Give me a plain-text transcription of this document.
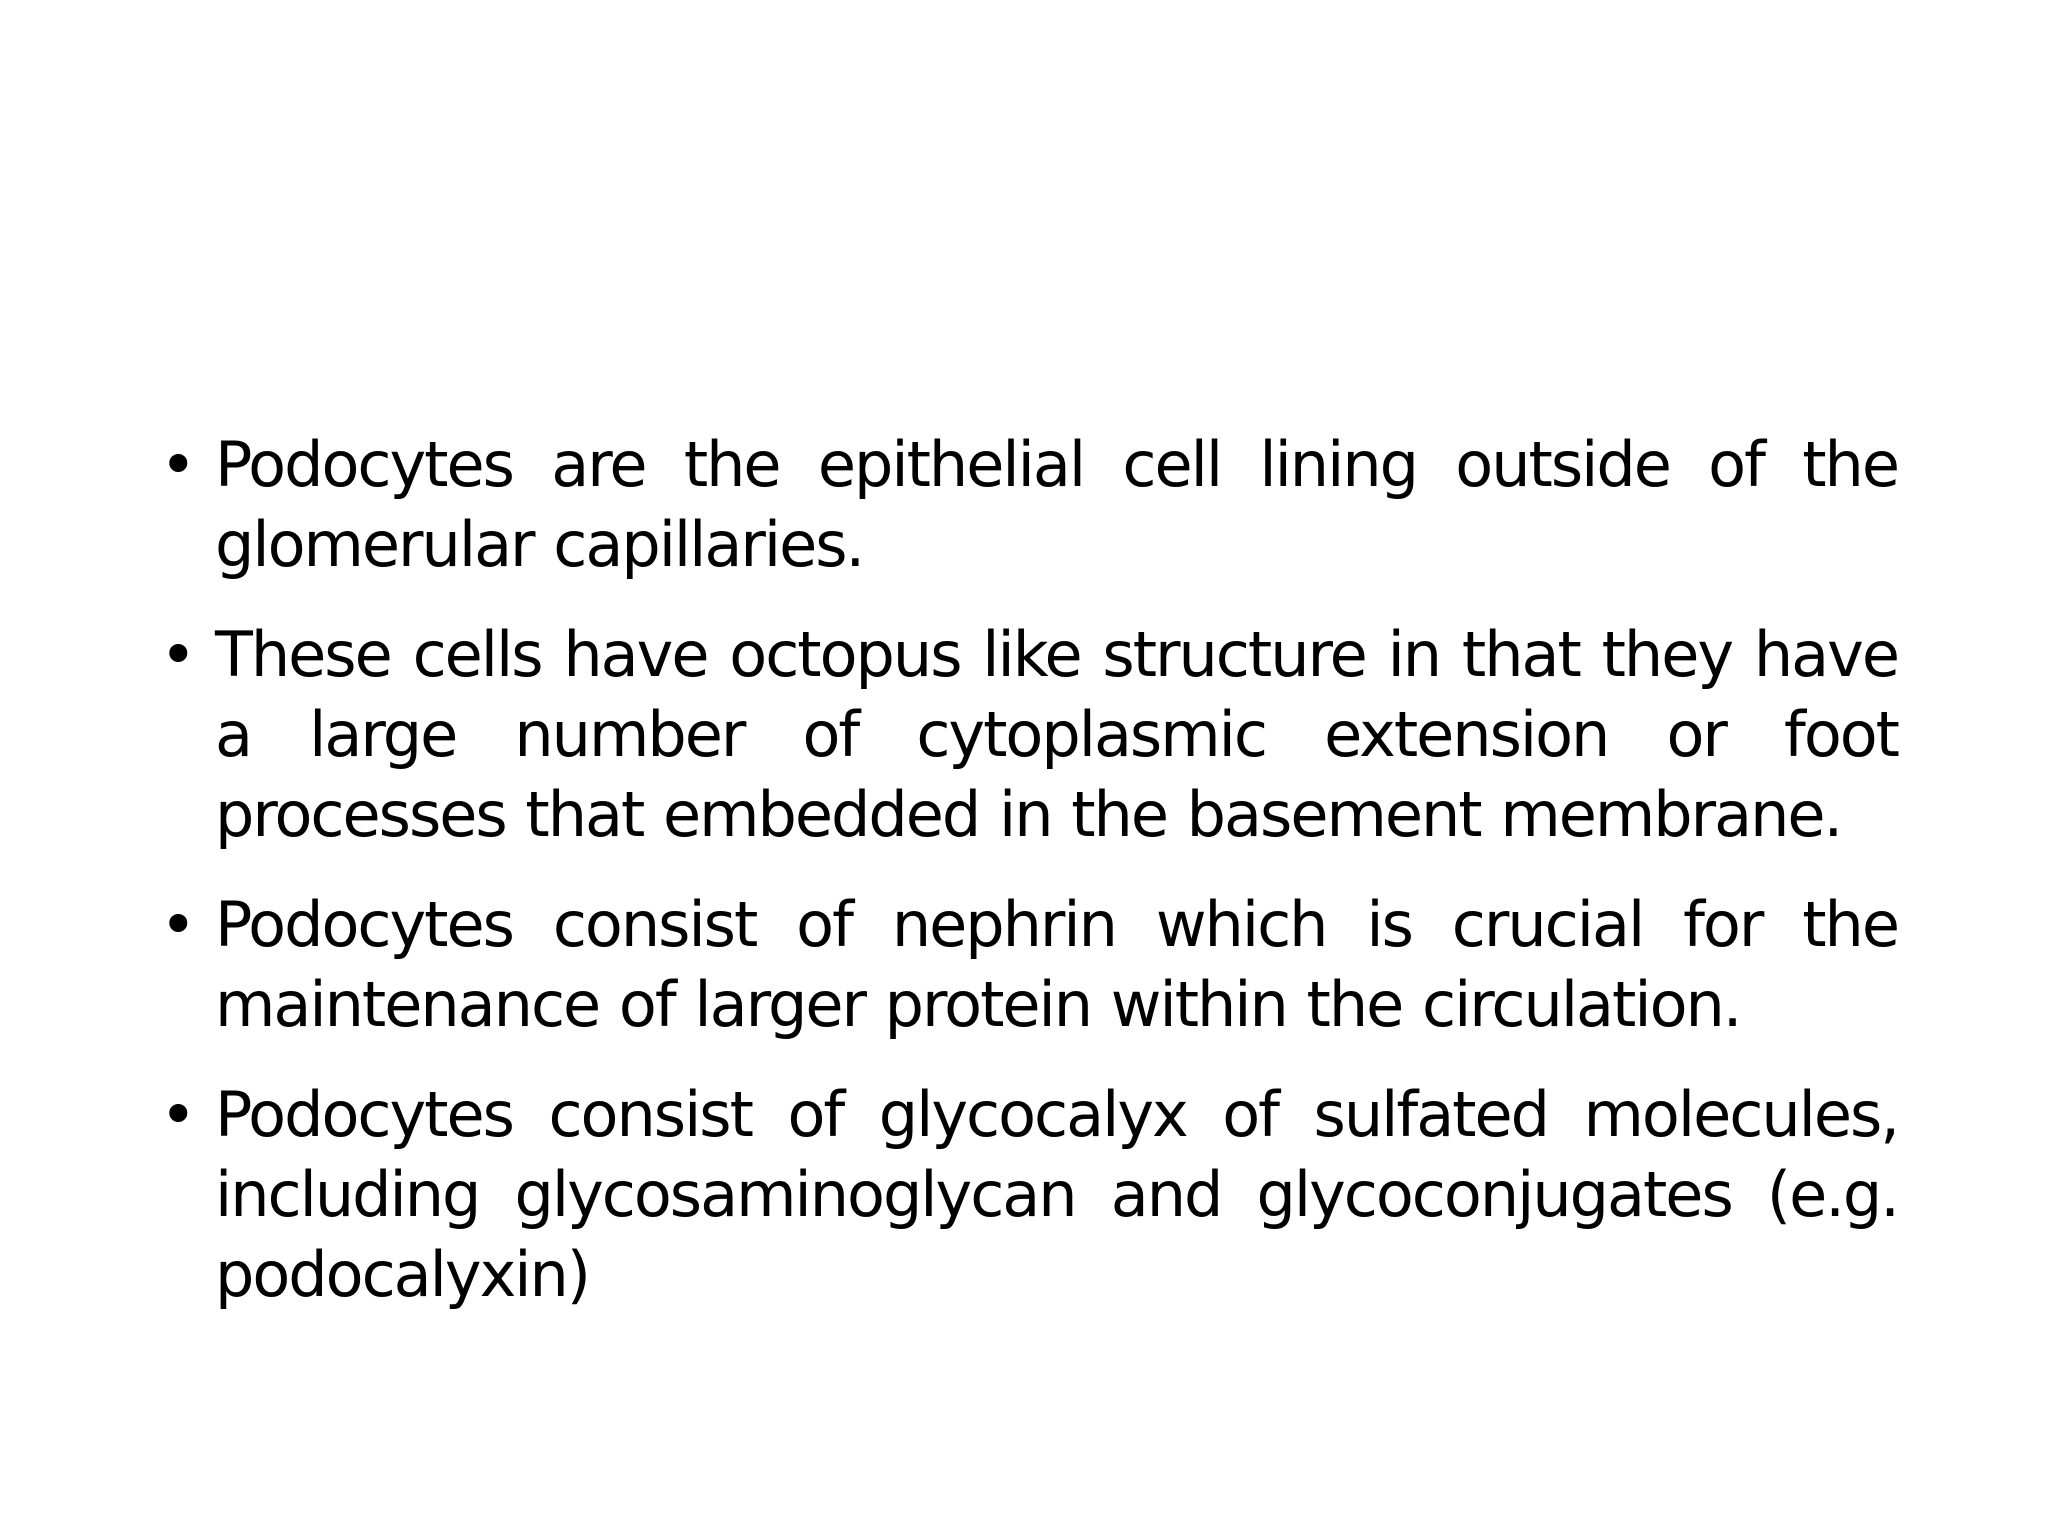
• Podocytes are the epithelial cell lining outside of the glomerular capillaries.
• These cells have octopus like structure in that they have a large number of cytoplasmic extension or foot processes that embedded in the basement membrane.
• Podocytes consist of nephrin which is crucial for the maintenance of larger protein within the circulation.
• Podocytes consist of glycocalyx of sulfated molecules, including glycosaminoglycan and glycoconjugates (e.g. podocalyxin)
